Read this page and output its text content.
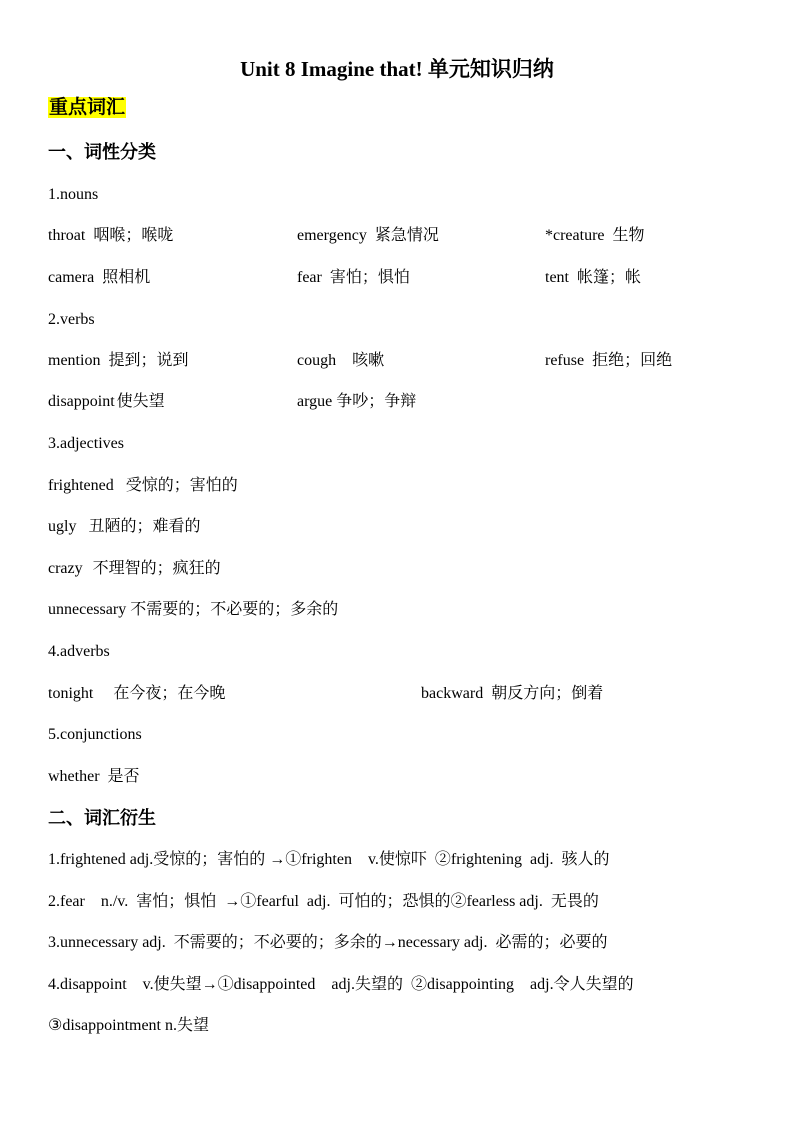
Unit 8 Imagine that! 单元知识归纳
重点词汇
一、词性分类
1.nouns
throat 咽喉；喉咙	emergency 紧急情况	*creature 生物
camera 照相机	fear 害怕；惧怕	tent 帐篷；帐
2.verbs
mention 提到；说到	cough 咳嗽	refuse 拒绝；回绝
disappoint 使失望	argue 争吵；争辩
3.adjectives
frightened 受惊的；害怕的
ugly 丑陋的；难看的
crazy 不理智的；疯狂的
unnecessary 不需要的；不必要的；多余的
4.adverbs
tonight 在今夜；在今晚	backward 朝反方向；倒着
5.conjunctions
whether 是否
二、词汇衍生
1.frightened adj.受惊的；害怕的 →①frighten    v.使惊吓  ②frightening  adj.  骇人的
2.fear    n./v.  害怕；惧怕  →①fearful  adj.  可怕的；恐惧的②fearless adj.  无畏的
3.unnecessary adj.  不需要的；不必要的；多余的→necessary adj.  必需的；必要的
4.disappoint    v.使失望→①disappointed    adj.失望的  ②disappointing    adj.令人失望的
③disappointment n.失望
